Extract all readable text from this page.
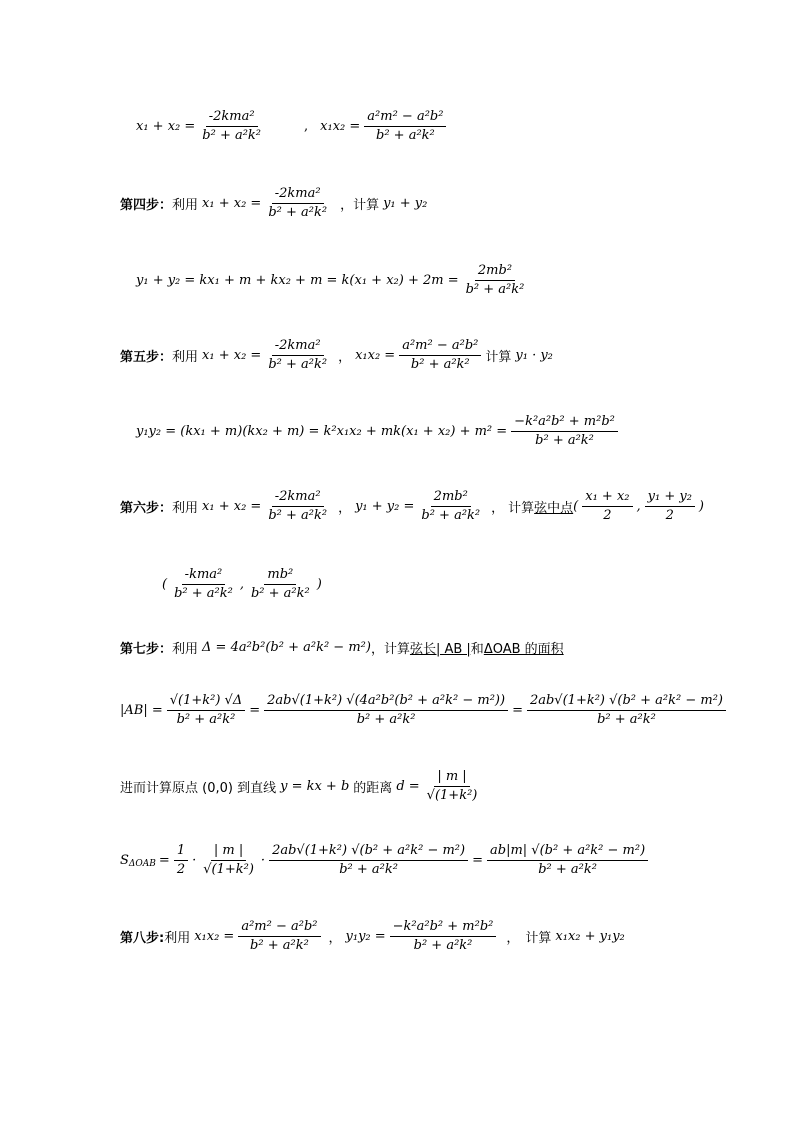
$x_1 + x_2 = \frac{\text{-2kma²}}{\text{b² + a²k²}}$	, $x_1x_2 = \frac{\text{a²m² − a²b²}}{\text{b² + a²k²}}$
第四步： 利用 $x_1 + x_2 = \frac{\text{-2kma²}}{\text{b² + a²k²}}$ ，计算 y₁ + y₂
$y_1 + y_2 = kx_1 + m + kx_2 + m = k(x_1 + x_2) + 2m = \frac{\text{2mb²}}{\text{b² + a²k²}}$
第五步： 利用 $x_1 + x_2 = \frac{\text{-2kma²}}{\text{b² + a²k²}}$ ， $x_1x_2 = \frac{\text{a²m² − a²b²}}{\text{b² + a²k²}}$ 计算 y₁ · y₂
$y_1y_2 = (kx_1 + m)(kx_2 + m) = k^2x_1x_2 + mk(x_1 + x_2) + m^2 = \frac{\text{−k²a²b² + m²b²}}{\text{b² + a²k²}}$
第六步： 利用 $x_1 + x_2 = \frac{\text{-2kma²}}{\text{b² + a²k²}}$ ， $y_1 + y_2 = \frac{\text{2mb²}}{\text{b² + a²k²}}$ ， 计算 弦中点 ( $\frac{\text{x₁ + x₂}}{2}$ , $\frac{\text{y₁ + y₂}}{2}$ )
( $\frac{\text{-kma²}}{\text{b² + a²k²}}$ , $\frac{\text{mb²}}{\text{b² + a²k²}}$ )
第七步： 利用 Δ = 4a²b²(b² + a²k² − m²) ，计算 弦长| AB | 和 ΔOAB 的面积
$|AB| = \frac{\text{√(1+k²) √Δ}}{\text{b² + a²k²}} = \frac{\text{2ab√(1+k²) √(4a²b²(b² + a²k² − m²))}}{\text{b² + a²k²}} = \frac{\text{2ab√(1+k²) √(b² + a²k² − m²)}}{\text{b² + a²k²}}$
进而计算原点 (0,0) 到直线 y = kx + b 的距离 $d = \frac{| m |}{\text{√(1+k²)}}$
S $\Delta OAB = \frac{1}{2} \cdot \frac{| m |}{\text{√(1+k²)}} \cdot \frac{\text{2ab√(1+k²) √(b² + a²k² − m²)}}{\text{b² + a²k²}} = \frac{\text{ab|m| √(b² + a²k² − m²)}}{\text{b² + a²k²}}$
第八步: 利用 $x_1x_2 = \frac{\text{a²m² − a²b²}}{\text{b² + a²k²}}$ ， $y_1y_2 = \frac{\text{−k²a²b² + m²b²}}{\text{b² + a²k²}}$ ， 计算 x₁x₂ + y₁y₂
